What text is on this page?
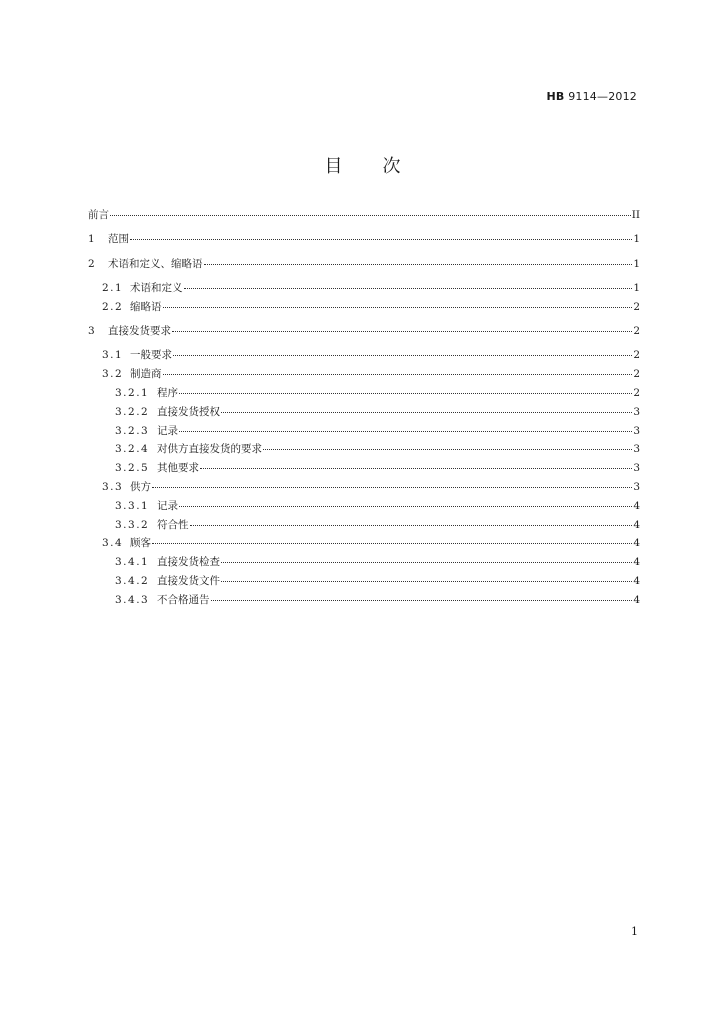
HB 9114—2012
目次
前言	II
1	范围	1
2	术语和定义、缩略语	1
2.1 术语和定义	1
2.2 缩略语	2
3	直接发货要求	2
3.1 一般要求	2
3.2 制造商	2
3.2.1 程序	2
3.2.2 直接发货授权	3
3.2.3 记录	3
3.2.4 对供方直接发货的要求	3
3.2.5 其他要求	3
3.3 供方	3
3.3.1 记录	4
3.3.2 符合性	4
3.4 顾客	4
3.4.1 直接发货检查	4
3.4.2 直接发货文件	4
3.4.3 不合格通告	4
1
